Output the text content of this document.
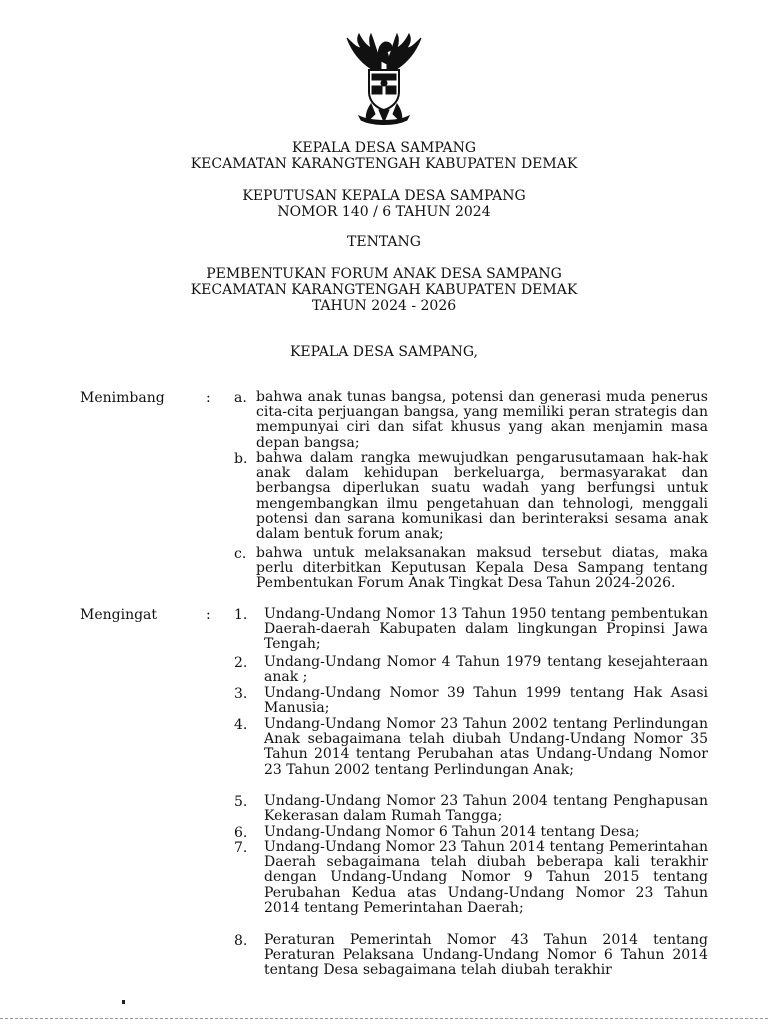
KEPALA DESA SAMPANG
KECAMATAN KARANGTENGAH KABUPATEN DEMAK
KEPUTUSAN KEPALA DESA SAMPANG
NOMOR 140 / 6 TAHUN 2024
TENTANG
PEMBENTUKAN FORUM ANAK DESA SAMPANG
KECAMATAN KARANGTENGAH KABUPATEN DEMAK
TAHUN 2024 - 2026
KEPALA DESA SAMPANG,
Menimbang	: a. bahwa anak tunas bangsa, potensi dan generasi muda penerus cita-cita perjuangan bangsa, yang memiliki peran strategis dan mempunyai ciri dan sifat khusus yang akan menjamin masa depan bangsa;

b. bahwa dalam rangka mewujudkan pengarusutamaan hak-hak anak dalam kehidupan berkeluarga, bermasyarakat dan berbangsa diperlukan suatu wadah yang berfungsi untuk mengembangkan ilmu pengetahuan dan tehnologi, menggali potensi dan sarana komunikasi dan berinteraksi sesama anak dalam bentuk forum anak;

c. bahwa untuk melaksanakan maksud tersebut diatas, maka perlu diterbitkan Keputusan Kepala Desa Sampang tentang Pembentukan Forum Anak Tingkat Desa Tahun 2024-2026.

Mengingat	: 1. Undang-Undang Nomor 13 Tahun 1950 tentang pembentukan Daerah-daerah Kabupaten dalam lingkungan Propinsi Jawa Tengah;

2. Undang-Undang Nomor 4 Tahun 1979 tentang kesejahteraan anak ;

3. Undang-Undang Nomor 39 Tahun 1999 tentang Hak Asasi Manusia;

4. Undang-Undang Nomor 23 Tahun 2002 tentang Perlindungan Anak sebagaimana telah diubah Undang-Undang Nomor 35 Tahun 2014 tentang Perubahan atas Undang-Undang Nomor 23 Tahun 2002 tentang Perlindungan Anak;

5. Undang-Undang Nomor 23 Tahun 2004 tentang Penghapusan Kekerasan dalam Rumah Tangga;

6. Undang-Undang Nomor 6 Tahun 2014 tentang Desa;

7. Undang-Undang Nomor 23 Tahun 2014 tentang Pemerintahan Daerah sebagaimana telah diubah beberapa kali terakhir dengan Undang-Undang Nomor 9 Tahun 2015 tentang Perubahan Kedua atas Undang-Undang Nomor 23 Tahun 2014 tentang Pemerintahan Daerah;

8. Peraturan Pemerintah Nomor 43 Tahun 2014 tentang Peraturan Pelaksana Undang-Undang Nomor 6 Tahun 2014 tentang Desa sebagaimana telah diubah terakhir
